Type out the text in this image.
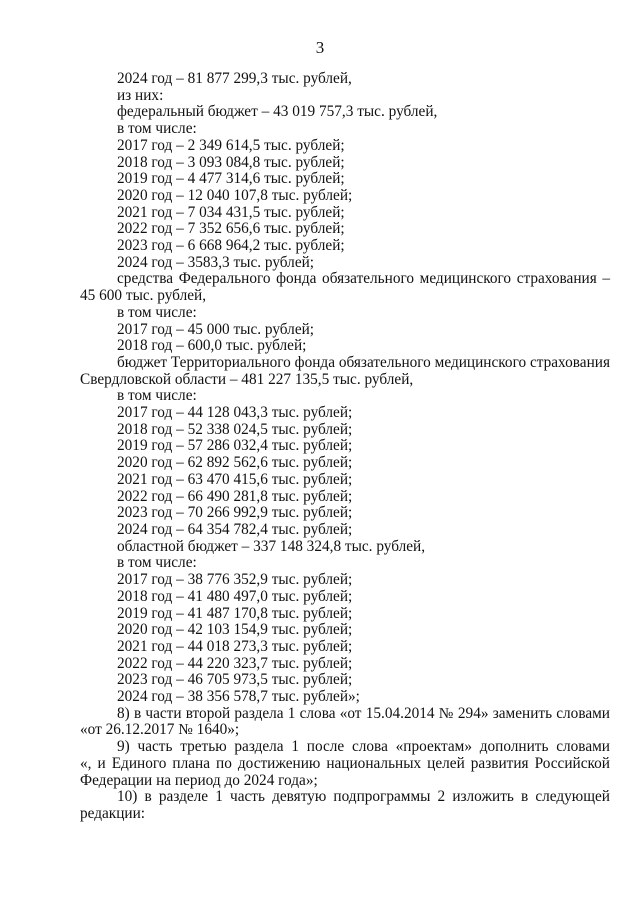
3
2024 год – 81 877 299,3 тыс. рублей,
из них:
федеральный бюджет – 43 019 757,3 тыс. рублей,
в том числе:
2017 год – 2 349 614,5 тыс. рублей;
2018 год – 3 093 084,8 тыс. рублей;
2019 год – 4 477 314,6 тыс. рублей;
2020 год – 12 040 107,8 тыс. рублей;
2021 год – 7 034 431,5 тыс. рублей;
2022 год – 7 352 656,6 тыс. рублей;
2023 год – 6 668 964,2 тыс. рублей;
2024 год – 3583,3 тыс. рублей;
средства Федерального фонда обязательного медицинского страхования –
45 600 тыс. рублей,
в том числе:
2017 год – 45 000 тыс. рублей;
2018 год – 600,0 тыс. рублей;
бюджет Территориального фонда обязательного медицинского страхования
Свердловской области – 481 227 135,5 тыс. рублей,
в том числе:
2017 год – 44 128 043,3 тыс. рублей;
2018 год – 52 338 024,5 тыс. рублей;
2019 год – 57 286 032,4 тыс. рублей;
2020 год – 62 892 562,6 тыс. рублей;
2021 год – 63 470 415,6 тыс. рублей;
2022 год – 66 490 281,8 тыс. рублей;
2023 год – 70 266 992,9 тыс. рублей;
2024 год – 64 354 782,4 тыс. рублей;
областной бюджет – 337 148 324,8 тыс. рублей,
в том числе:
2017 год – 38 776 352,9 тыс. рублей;
2018 год – 41 480 497,0 тыс. рублей;
2019 год – 41 487 170,8 тыс. рублей;
2020 год – 42 103 154,9 тыс. рублей;
2021 год – 44 018 273,3 тыс. рублей;
2022 год – 44 220 323,7 тыс. рублей;
2023 год – 46 705 973,5 тыс. рублей;
2024 год – 38 356 578,7 тыс. рублей»;
8) в части второй раздела 1 слова «от 15.04.2014 № 294» заменить словами
«от 26.12.2017 № 1640»;
9) часть третью раздела 1 после слова «проектам» дополнить словами
«, и Единого плана по достижению национальных целей развития Российской
Федерации на период до 2024 года»;
10) в разделе 1 часть девятую подпрограммы 2 изложить в следующей
редакции:
